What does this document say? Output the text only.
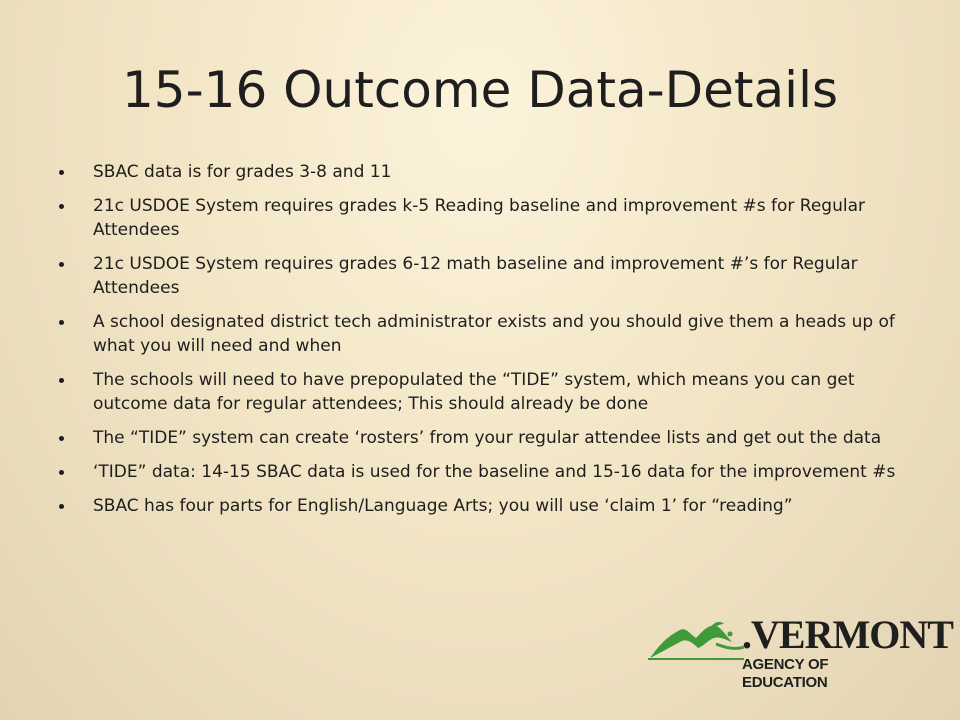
15-16 Outcome Data-Details
SBAC data is for grades 3-8 and 11
21c USDOE System requires grades k-5 Reading baseline and improvement #s for Regular Attendees
21c USDOE System requires grades 6-12 math baseline and improvement #’s for Regular Attendees
A school designated district tech administrator exists and you should give them a heads up of what you will need and when
The schools will need to have prepopulated the “TIDE” system, which means you can get outcome data for regular attendees; This should already be done
The “TIDE” system can create ‘rosters’ from your regular attendee lists and get out the data
‘TIDE” data: 14-15 SBAC data is used for the baseline and 15-16 data for the improvement #s
SBAC has four parts for English/Language Arts; you will use ‘claim 1’ for “reading”
.VERMONT
AGENCY OF EDUCATION
